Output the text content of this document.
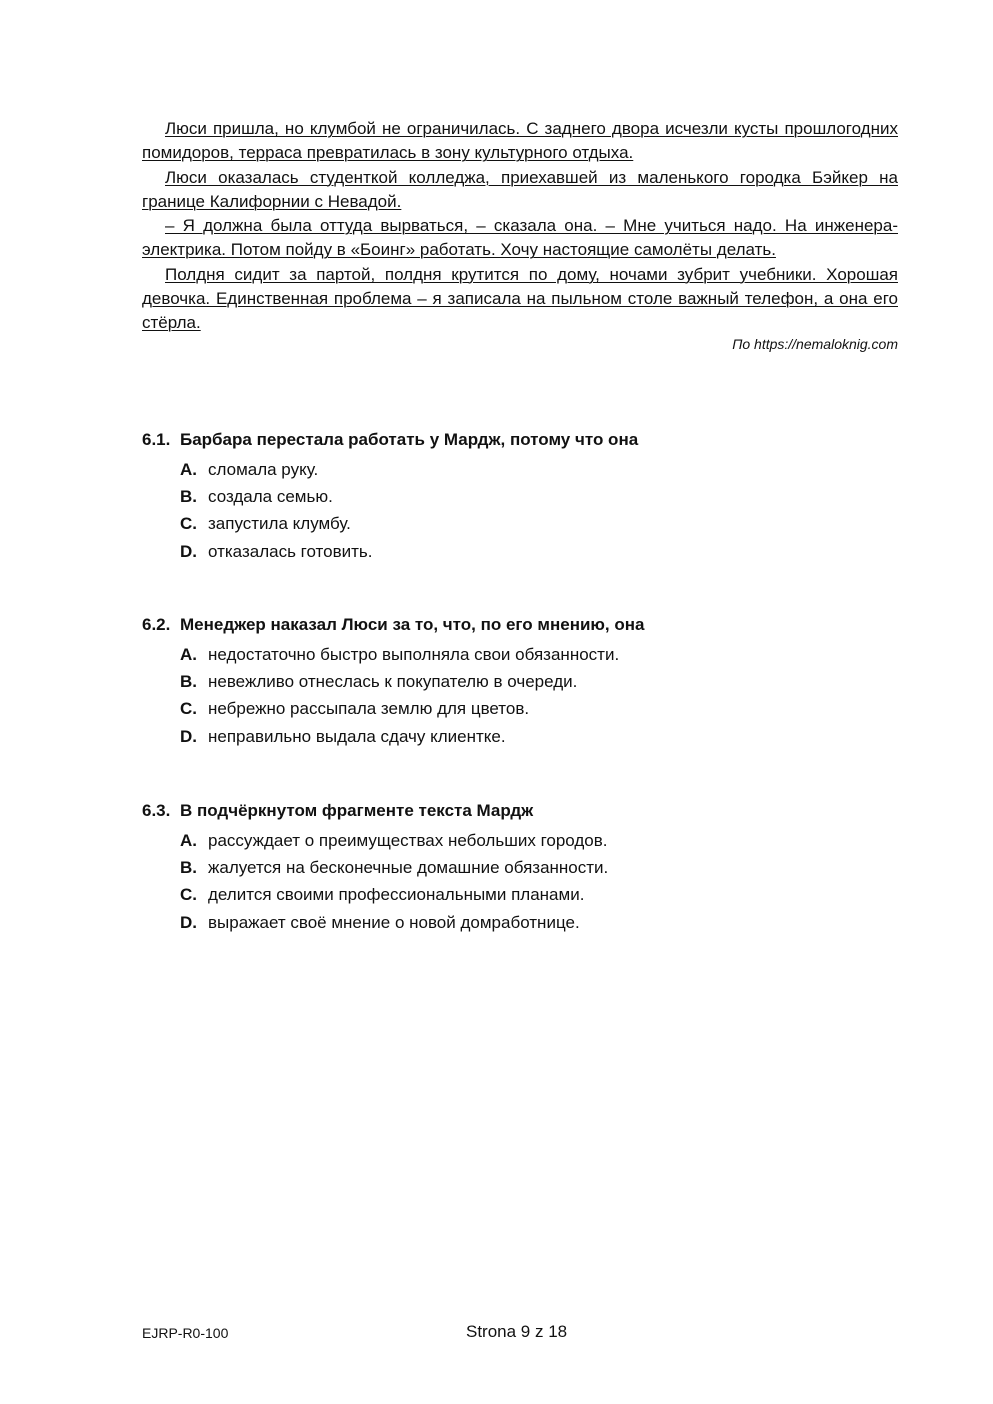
Люси пришла, но клумбой не ограничилась. С заднего двора исчезли кусты прошлогодних помидоров, терраса превратилась в зону культурного отдыха.

Люси оказалась студенткой колледжа, приехавшей из маленького городка Бэйкер на границе Калифорнии с Невадой.

– Я должна была оттуда вырваться, – сказала она. – Мне учиться надо. На инженера-электрика. Потом пойду в «Боинг» работать. Хочу настоящие самолёты делать.

Полдня сидит за партой, полдня крутится по дому, ночами зубрит учебники. Хорошая девочка. Единственная проблема – я записала на пыльном столе важный телефон, а она его стёрла.

По https://nemaloknig.com
6.1. Барбара перестала работать у Мардж, потому что она
A. сломала руку.
B. создала семью.
C. запустила клумбу.
D. отказалась готовить.
6.2. Менеджер наказал Люси за то, что, по его мнению, она
A. недостаточно быстро выполняла свои обязанности.
B. невежливо отнеслась к покупателю в очереди.
C. небрежно рассыпала землю для цветов.
D. неправильно выдала сдачу клиентке.
6.3. В подчёркнутом фрагменте текста Мардж
A. рассуждает о преимуществах небольших городов.
B. жалуется на бесконечные домашние обязанности.
C. делится своими профессиональными планами.
D. выражает своё мнение о новой домработнице.
EJRP-R0-100	Strona 9 z 18
